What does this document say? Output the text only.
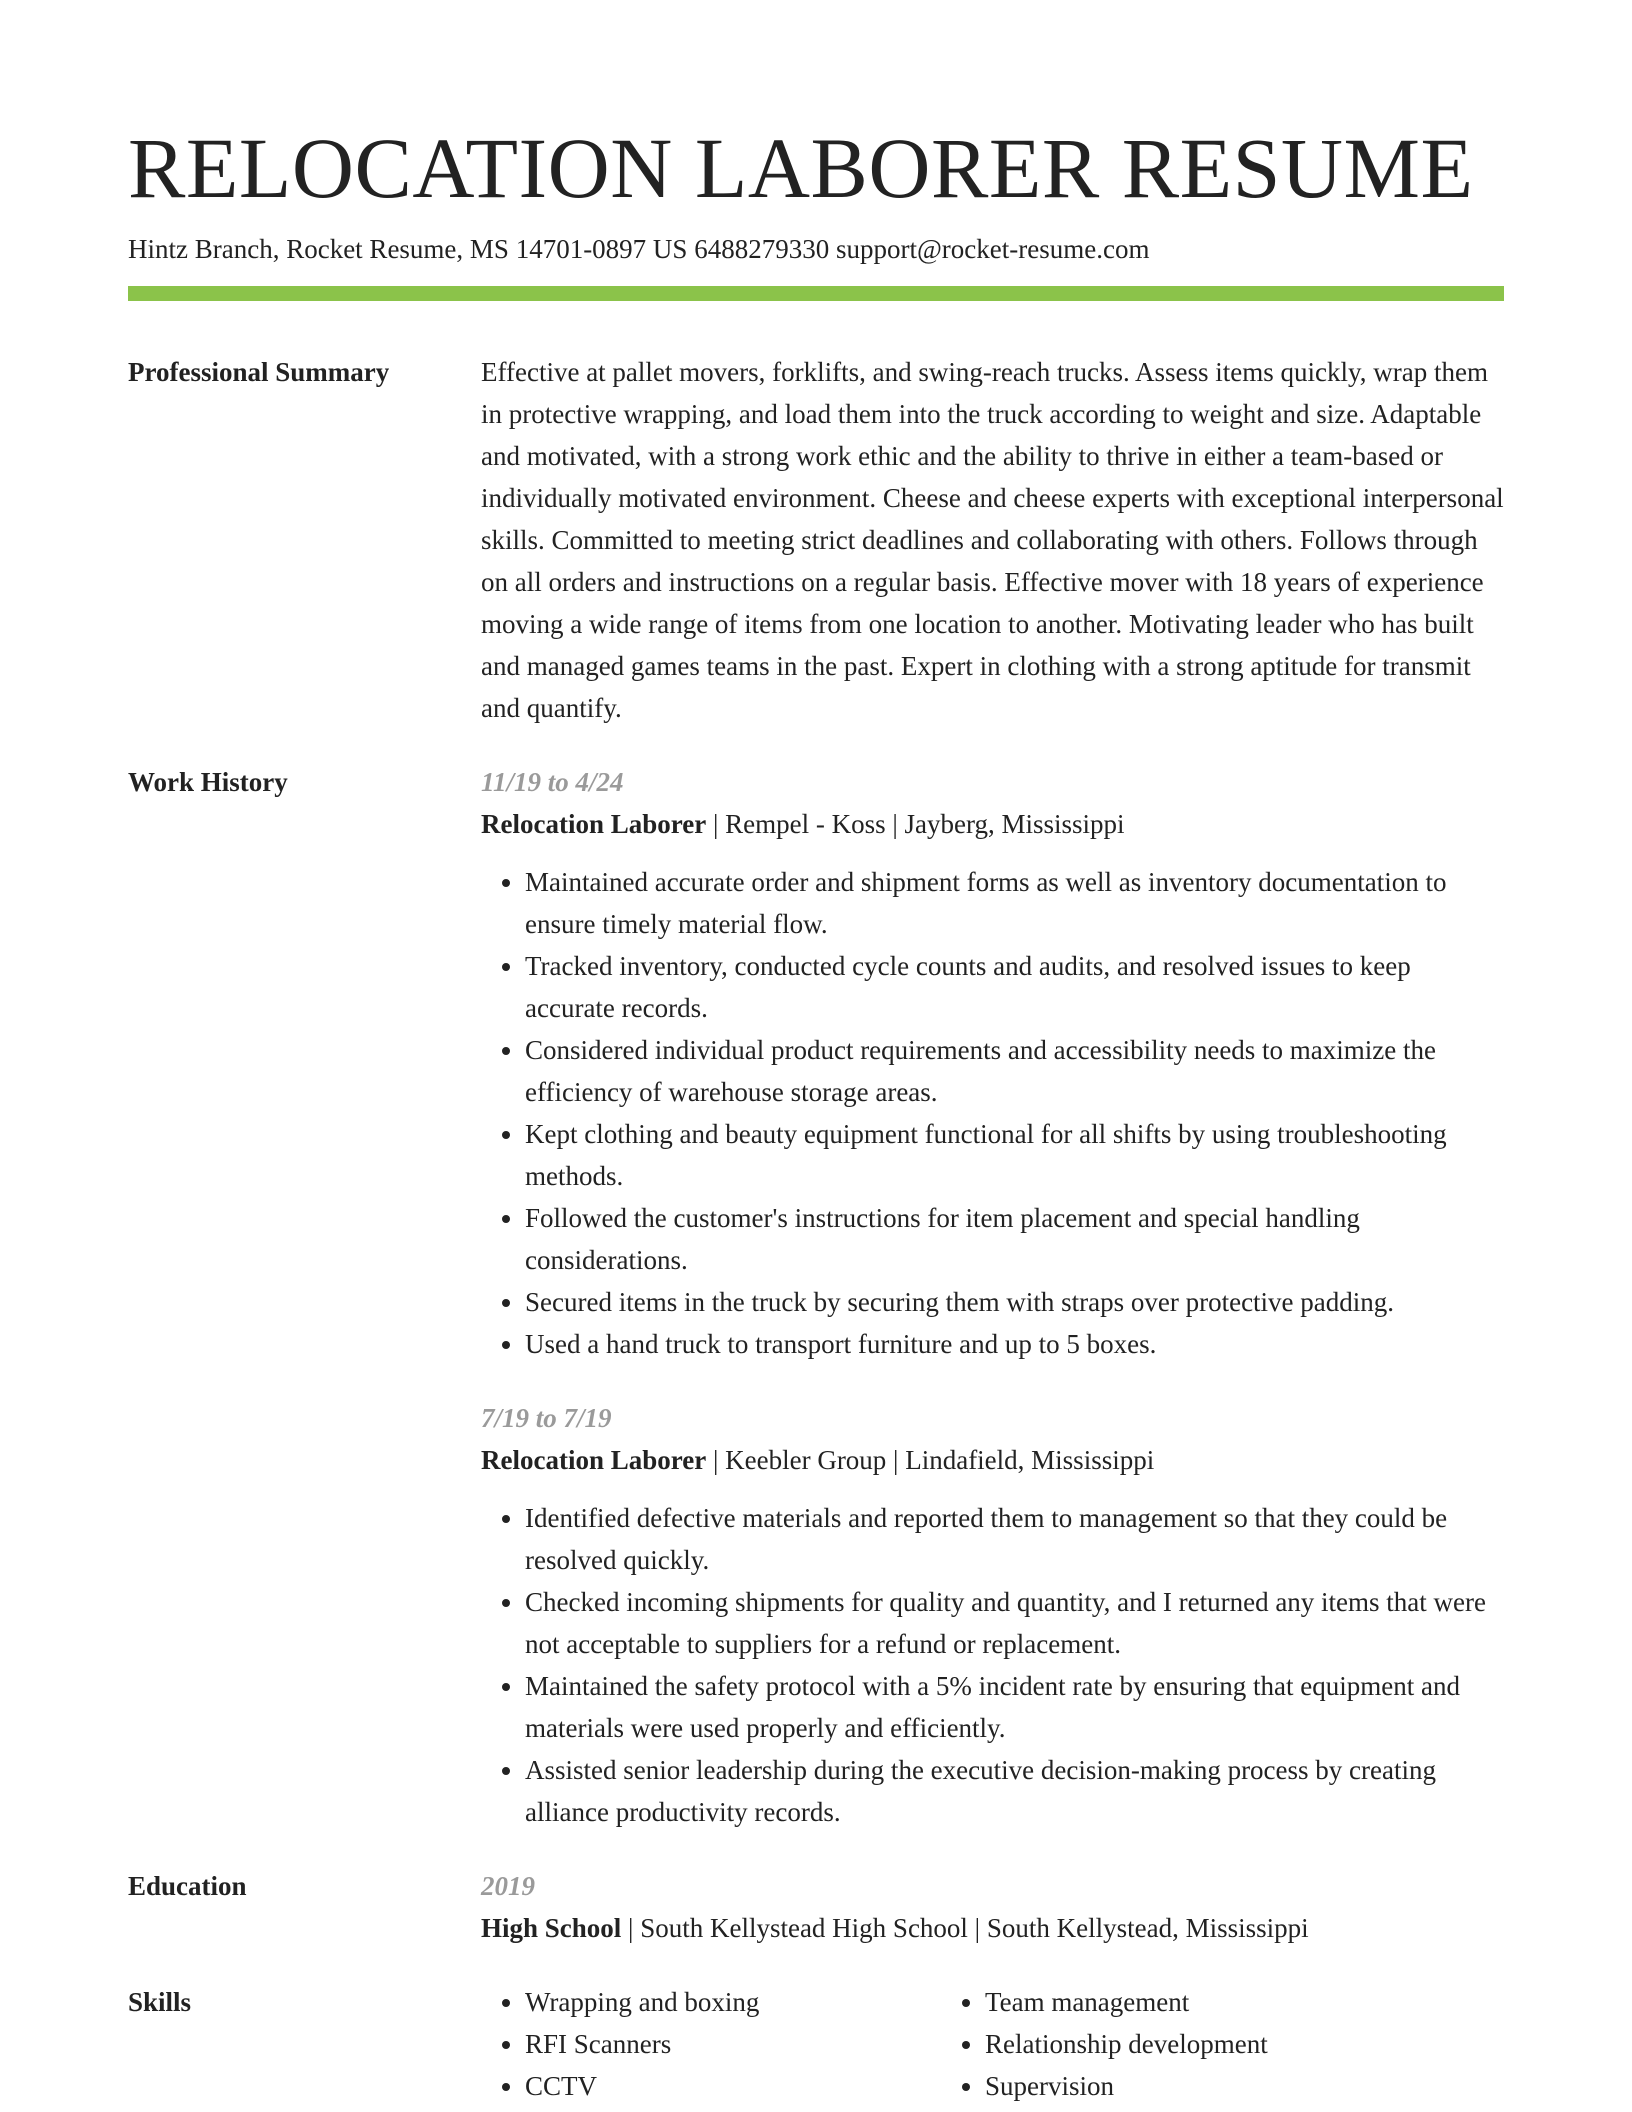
RELOCATION LABORER RESUME
Hintz Branch, Rocket Resume, MS 14701-0897 US 6488279330 support@rocket-resume.com
Professional Summary	Effective at pallet movers, forklifts, and swing-reach trucks. Assess items quickly, wrap them in protective wrapping, and load them into the truck according to weight and size. Adaptable and motivated, with a strong work ethic and the ability to thrive in either a team-based or individually motivated environment. Cheese and cheese experts with exceptional interpersonal skills. Committed to meeting strict deadlines and collaborating with others. Follows through on all orders and instructions on a regular basis. Effective mover with 18 years of experience moving a wide range of items from one location to another. Motivating leader who has built and managed games teams in the past. Expert in clothing with a strong aptitude for transmit and quantify.

Work History	11/19 to 4/24
Relocation Laborer | Rempel - Koss | Jayberg, Mississippi
• Maintained accurate order and shipment forms as well as inventory documentation to ensure timely material flow.
• Tracked inventory, conducted cycle counts and audits, and resolved issues to keep accurate records.
• Considered individual product requirements and accessibility needs to maximize the efficiency of warehouse storage areas.
• Kept clothing and beauty equipment functional for all shifts by using troubleshooting methods.
• Followed the customer's instructions for item placement and special handling considerations.
• Secured items in the truck by securing them with straps over protective padding.
• Used a hand truck to transport furniture and up to 5 boxes.
7/19 to 7/19
Relocation Laborer | Keebler Group | Lindafield, Mississippi
• Identified defective materials and reported them to management so that they could be resolved quickly.
• Checked incoming shipments for quality and quantity, and I returned any items that were not acceptable to suppliers for a refund or replacement.
• Maintained the safety protocol with a 5% incident rate by ensuring that equipment and materials were used properly and efficiently.
• Assisted senior leadership during the executive decision-making process by creating alliance productivity records.
Education	2019
High School | South Kellystead High School | South Kellystead, Mississippi
Skills
•	Wrapping and boxing
• RFI Scanners
• CCTV
• Team management
• Relationship development
• Supervision
